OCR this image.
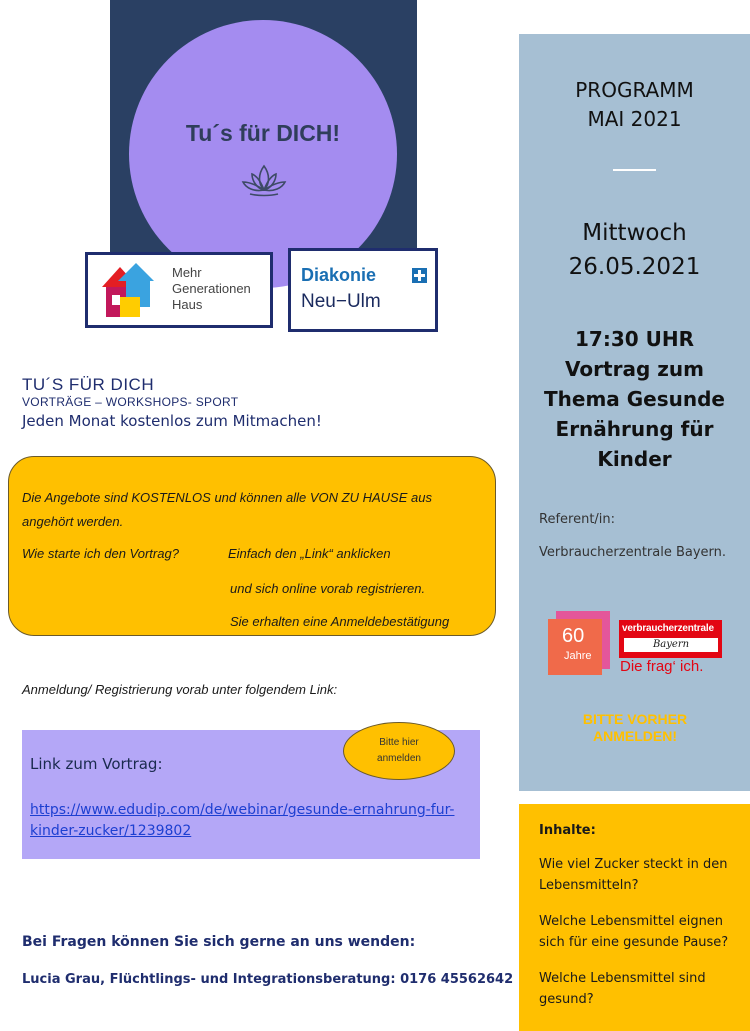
Tu´s für DICH!
Mehr
Generationen
Haus
Diakonie
Neu−Ulm
TU´S FÜR DICH
VORTRÄGE – WORKSHOPS- SPORT
Jeden Monat kostenlos zum Mitmachen!
Die Angebote sind KOSTENLOS und können alle VON ZU HAUSE aus
angehört werden.
Wie starte ich den Vortrag?	Einfach den „Link“ anklicken
und sich online vorab registrieren.
Sie erhalten eine Anmeldebestätigung
Anmeldung/ Registrierung vorab unter folgendem Link:
Link zum Vortrag:
https://www.edudip.com/de/webinar/gesunde-ernahrung-fur-kinder-zucker/1239802
Bitte hier
anmelden
Bei Fragen können Sie sich gerne an uns wenden:
Lucia Grau, Flüchtlings- und Integrationsberatung: 0176 45562642
PROGRAMM
MAI 2021
Mittwoch
26.05.2021
17:30 UHR
Vortrag zum
Thema Gesunde
Ernährung für
Kinder
Referent/in:
Verbraucherzentrale Bayern.
60
Jahre
verbraucherzentrale
Bayern
Die frag‘ ich.
BITTE VORHER
ANMELDEN!
Inhalte:
Wie viel Zucker steckt in den Lebensmitteln?
Welche Lebensmittel eignen sich für eine gesunde Pause?
Welche Lebensmittel sind gesund?
